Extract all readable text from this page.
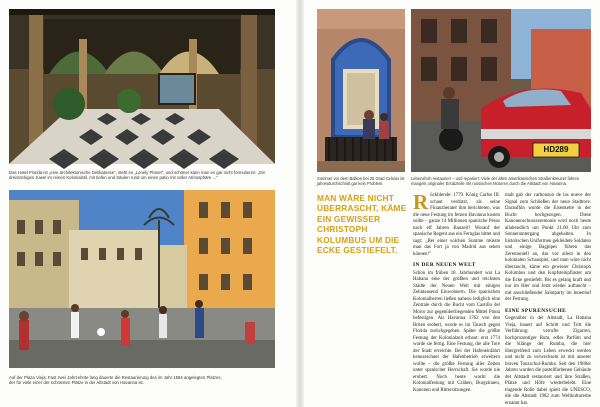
Das Hotel Florida ist „eine architektonische Delikatesse", steht im „Lonely Planet", und schöner kann man es gar nicht formulieren: „Ein dreistöckiges Juwel im reinen Kolonialstil, mit tiefen und Säulen rund um einen patio mit voller Atmosphäre ..."
Auf der Plaza Vieja: Fast zwei Jahrzehnte lang dauerte die Restaurierung des im Jahr 1584 angelegten Platzes, der für viele einer der schönsten Plätze in der Altstadt von Havanna ist.
Sommer vor dem Balkon bei 25 Grad Celsius ist jahresdurchschnitt gar kein Problem.
HD289
Lebensfroh restauriert – und repariert: Viele der alten amerikanischen Straßenkreuzer fahren mangels originaler Ersatzteile mit russischen Motoren durch die Altstadt von Havanna.
MAN WÄRE NICHT ÜBERRASCHT, KÄME EIN GEWISSER CHRISTOPH KOLUMBUS UM DIE ECKE GESTIEFELT.
R ückblende: 1779. König Carlos III. schaut verdutzt, als seine Finanzberater ihm berichteten, was die neue Festung im fernen Havanna kosten sollte – ganze 14 Millionen spanische Pesos nach elf Jahren Bauzeit? Worauf der spanische Regent aus ein Fernglas bittet und sagt: „Bei einer solchen Summe müsste man das Fort ja von Madrid aus sehen können!"
IN DER NEUEN WELT
Schon im frühen 18. Jahrhundert war La Habana eine der größten und reichsten Städte der Neuen Welt mit einigen Zehntausend Einwohnern. Die spanischen Kolonialherren ließen nahezu lediglich eine Zentrale durch die Bucht vom Castillo del Morro zur gegenüberliegenden Mittel Punta befestigen. Als Havanna 1762 von den Briten erobert, wurde es im Tausch gegen Florida zurückgegeben. Später die größte Festung der Kolonialzeit erbaut: erst 1774 wurde sie fertig. Eine Festung, die alle Tore der Stadt erreichte. Bei der Hafeneinfahrt kennzeichnet der Hafenbetrieb erweitern wollte – die größte Festung aller Zeiten unter spanischer Herrschaft. Sie wurde nie erobert. Noch heute wacht die Kolonialfestung mit Gräben, Burgzinnen, Kanonen und Rittersitzungen.
malt gab der carbonzuo de las nueve der Signal zum Schließen der neun Stadttore. Daraufhin wurde die Eisenkette in der Bucht hochgezogen. Diese Kanonenschusszeremonie wird noch heute allabendlich um Punkt 21.00 Uhr zum Sonnenuntergang abgehalten. In historischen Uniformen gekleidete Soldaten und einige Bagpipes führen das Zeremoniell an, das vor allem in den kolonialen Schauspiel, und man wäre nicht überrascht, käme ein gewisser Christoph Kolumbus und den Kopfsteinpflaster um die Ecke gestiefelt. Bis es gelang kraft und nur im Hier und Jetzt wieder auftaucht – mit anschließender Salutparty im Innenhof der Festung.
EINE SPURENSUCHE
Gegenüber in der Altstadt, La Habana Vieja, bauert auf Schritt und Tritt die Verführung: verrufte Zigarren, hochprozentiger Rum, edles Parfüm und die Klänge der Rumba, die hier übergreifend zum Leben erweckt werden und nicht zu verwechseln ist mit unserer braven Tanzschul-Rumba. Seit den 1980er Jahren wurden die pastellfarbenen Gebäude der Altstadt restauriert und ihre Straßen, Plätze und Höfe wiederbelebt. Eine tragende Rolle dabei spielt die UNESCO, die die Altstadt 1982 zum Weltkulturerbe ernannt hat.
